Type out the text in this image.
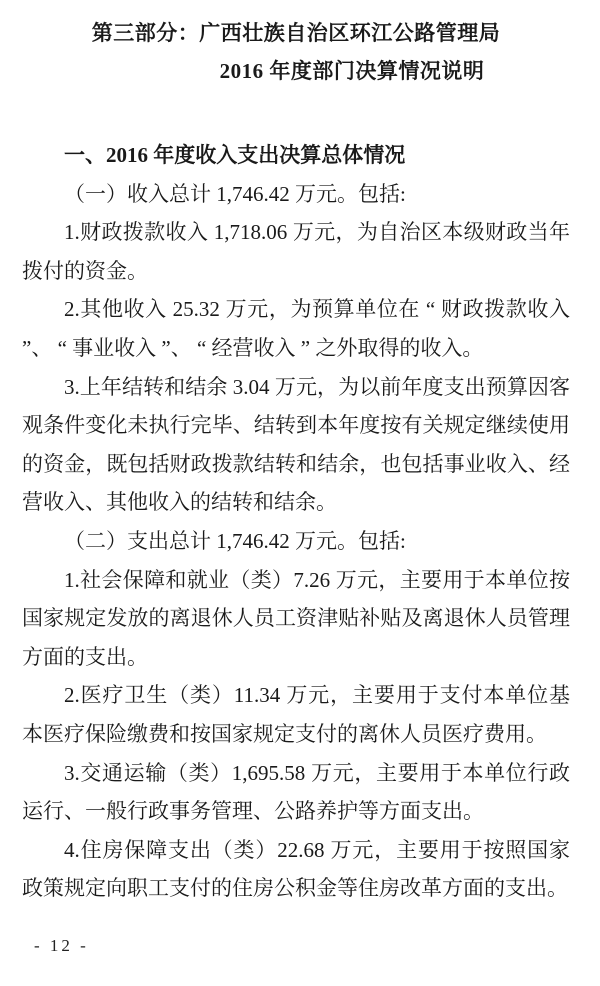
第三部分：广西壮族自治区环江公路管理局
2016 年度部门决算情况说明

一、2016 年度收入支出决算总体情况

（一）收入总计 1,746.42 万元。包括:

1.财政拨款收入 1,718.06 万元，为自治区本级财政当年拨付的资金。

2.其他收入 25.32 万元，为预算单位在 “ 财政拨款收入 ”、 “ 事业收入 ”、 “ 经营收入 ” 之外取得的收入。

3.上年结转和结余 3.04 万元，为以前年度支出预算因客观条件变化未执行完毕、结转到本年度按有关规定继续使用的资金，既包括财政拨款结转和结余，也包括事业收入、经营收入、其他收入的结转和结余。

（二）支出总计 1,746.42 万元。包括:

1.社会保障和就业（类）7.26 万元，主要用于本单位按国家规定发放的离退休人员工资津贴补贴及离退休人员管理方面的支出。

2.医疗卫生（类）11.34 万元，主要用于支付本单位基本医疗保险缴费和按国家规定支付的离休人员医疗费用。

3.交通运输（类）1,695.58 万元，主要用于本单位行政运行、一般行政事务管理、公路养护等方面支出。

4.住房保障支出（类）22.68 万元，主要用于按照国家政策规定向职工支付的住房公积金等住房改革方面的支出。

- 12 -
